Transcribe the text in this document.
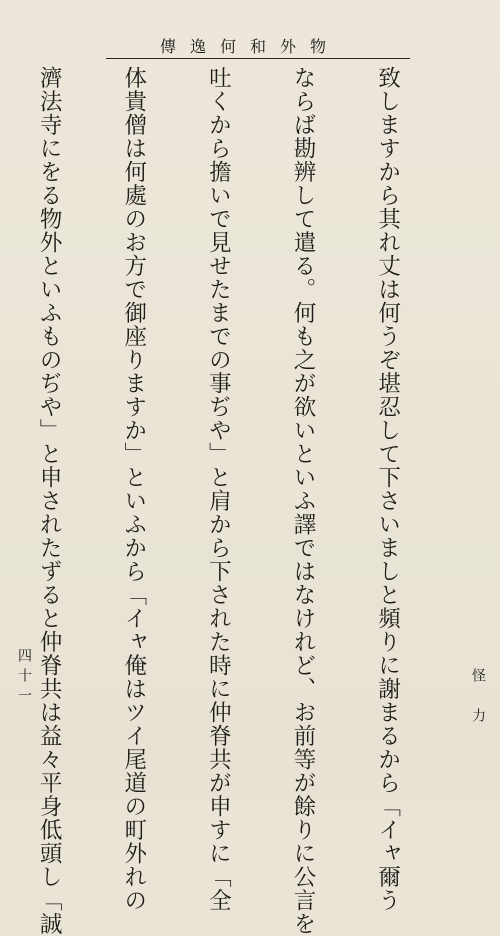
傳逸何和外物

致しますから其れ丈は何うぞ堪忍して下さいましと頻りに謝まるから「イャ爾う

ならば勘辨して遣る。何も之が欲いといふ譯ではなけれど、お前等が餘りに公言を

吐くから擔いで見せたまでの事ぢや」と肩から下された時に仲脊共が申すに「全

体貴僧は何處のお方で御座りますか」といふから「イャ俺はツイ尾道の町外れの

濟法寺にをる物外といふものぢや」と申されたずると仲脊共は益々平身低頭し「誠

	怪力
四十一
